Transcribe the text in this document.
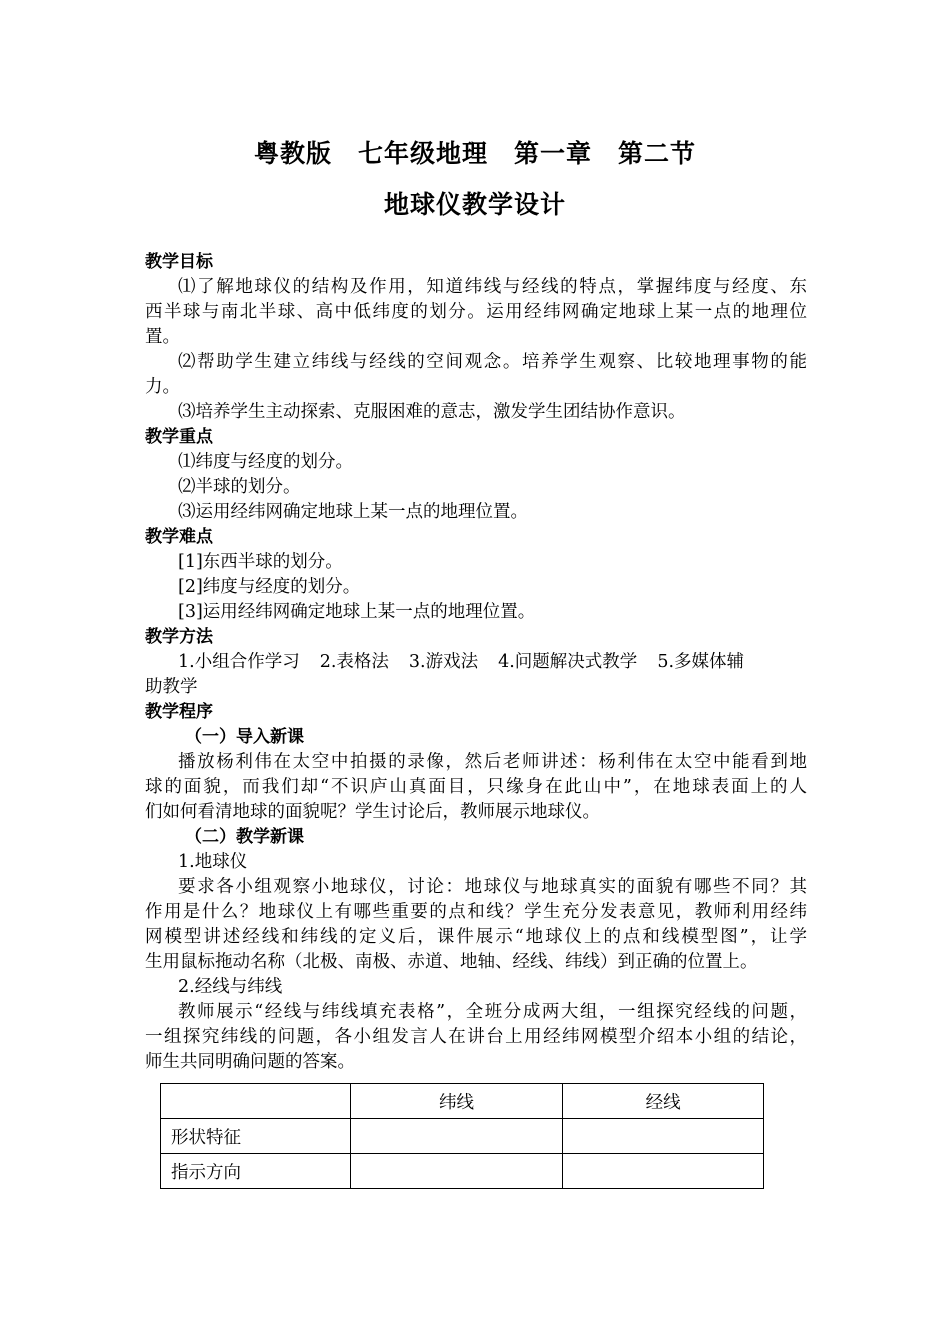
粤教版　七年级地理　第一章　第二节
地球仪教学设计
教学目标
⑴了解地球仪的结构及作用，知道纬线与经线的特点，掌握纬度与经度、东
西半球与南北半球、高中低纬度的划分。运用经纬网确定地球上某一点的地理位
置。
⑵帮助学生建立纬线与经线的空间观念。培养学生观察、比较地理事物的能
力。
⑶培养学生主动探索、克服困难的意志，激发学生团结协作意识。
教学重点
⑴纬度与经度的划分。
⑵半球的划分。
⑶运用经纬网确定地球上某一点的地理位置。
教学难点
[1]东西半球的划分。
[2]纬度与经度的划分。
[3]运用经纬网确定地球上某一点的地理位置。
教学方法
1.小组合作学习 2.表格法 3.游戏法 4.问题解决式教学 5.多媒体辅
助教学
教学程序
（一）导入新课
播放杨利伟在太空中拍摄的录像，然后老师讲述：杨利伟在太空中能看到地
球的面貌，而我们却“不识庐山真面目，只缘身在此山中”，在地球表面上的人
们如何看清地球的面貌呢？学生讨论后，教师展示地球仪。
（二）教学新课
1.地球仪
要求各小组观察小地球仪，讨论：地球仪与地球真实的面貌有哪些不同？其
作用是什么？地球仪上有哪些重要的点和线？学生充分发表意见，教师利用经纬
网模型讲述经线和纬线的定义后，课件展示“地球仪上的点和线模型图”，让学
生用鼠标拖动名称（北极、南极、赤道、地轴、经线、纬线）到正确的位置上。
2.经线与纬线
教师展示“经线与纬线填充表格”，全班分成两大组，一组探究经线的问题，
一组探究纬线的问题，各小组发言人在讲台上用经纬网模型介绍本小组的结论，
师生共同明确问题的答案。
	纬线	经线
形状特征		
指示方向		
